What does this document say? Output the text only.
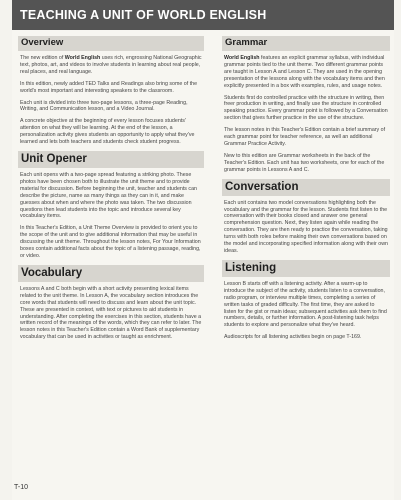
TEACHING A UNIT OF WORLD ENGLISH
Overview

The new edition of World English uses rich, engrossing National Geographic text, photos, art, and videos to involve students in learning about real people, real places, and real language.

In this edition, newly added TED Talks and Readings also bring some of the world's most important and interesting speakers to the classroom.

Each unit is divided into three two-page lessons, a three-page Reading, Writing, and Communication lesson, and a Video Journal.

A concrete objective at the beginning of every lesson focuses students' attention on what they will be learning. At the end of the lesson, a personalization activity gives students an opportunity to apply what they've learned and lets both teachers and students check student progress.

Unit Opener

Each unit opens with a two-page spread featuring a striking photo. These photos have been chosen both to illustrate the unit theme and to provide material for discussion. Before beginning the unit, teacher and students can describe the picture, name as many things as they can in it, and make guesses about when and where the photo was taken. The two discussion questions then lead students into the topic and introduce several key vocabulary items.

In this Teacher's Edition, a Unit Theme Overview is provided to orient you to the scope of the unit and to give additional information that may be useful in discussing the unit theme. Throughout the lesson notes, For Your Information boxes contain additional facts about the topic of a listening passage, reading, or video.

Vocabulary

Lessons A and C both begin with a short activity presenting lexical items related to the unit theme. In Lesson A, the vocabulary section introduces the core words that students will need to discuss and learn about the unit topic. These are presented in context, with text or pictures to aid students in understanding. After completing the exercises in this section, students have a written record of the meanings of the words, which they can refer to later. The lesson notes in this Teacher's Edition contain a Word Bank of supplementary vocabulary that can be used in activities or taught as enrichment.

Grammar

World English features an explicit grammar syllabus, with individual grammar points tied to the unit theme. Two different grammar points are taught in Lesson A and Lesson C. They are used in the opening presentation of the lessons along with the vocabulary items and then explicitly presented in a box with examples, rules, and usage notes.

Students first do controlled practice with the structure in writing, then freer production in writing, and finally use the structure in controlled speaking practice. Every grammar point is followed by a Conversation section that gives further practice in the use of the structure.

The lesson notes in this Teacher's Edition contain a brief summary of each grammar point for teacher reference, as well an additional Grammar Practice Activity.

New to this edition are Grammar worksheets in the back of the Teacher's Edition. Each unit has two worksheets, one for each of the grammar points in Lessons A and C.

Conversation

Each unit contains two model conversations highlighting both the vocabulary and the grammar for the lesson. Students first listen to the conversation with their books closed and answer one general comprehension question. Next, they listen again while reading the conversation. They are then ready to practice the conversation, taking turns with both roles before making their own conversations based on the model and incorporating specified information along with their own ideas.

Listening

Lesson B starts off with a listening activity. After a warm-up to introduce the subject of the activity, students listen to a conversation, radio program, or interview multiple times, completing a series of written tasks of graded difficulty. The first time, they are asked to listen for the gist or main ideas; subsequent activities ask them to find numbers, details, or further information. A post-listening task helps students to explore and personalize what they've heard.

Audioscripts for all listening activities begin on page T-169.

T-10
